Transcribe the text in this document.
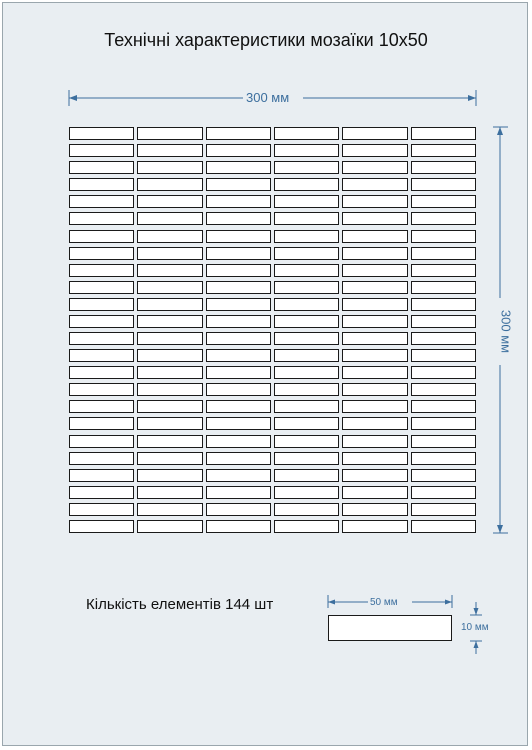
Технічні характеристики мозаїки 10х50
300 мм
300 мм
50 мм
10 мм
Кількість елементів 144 шт
